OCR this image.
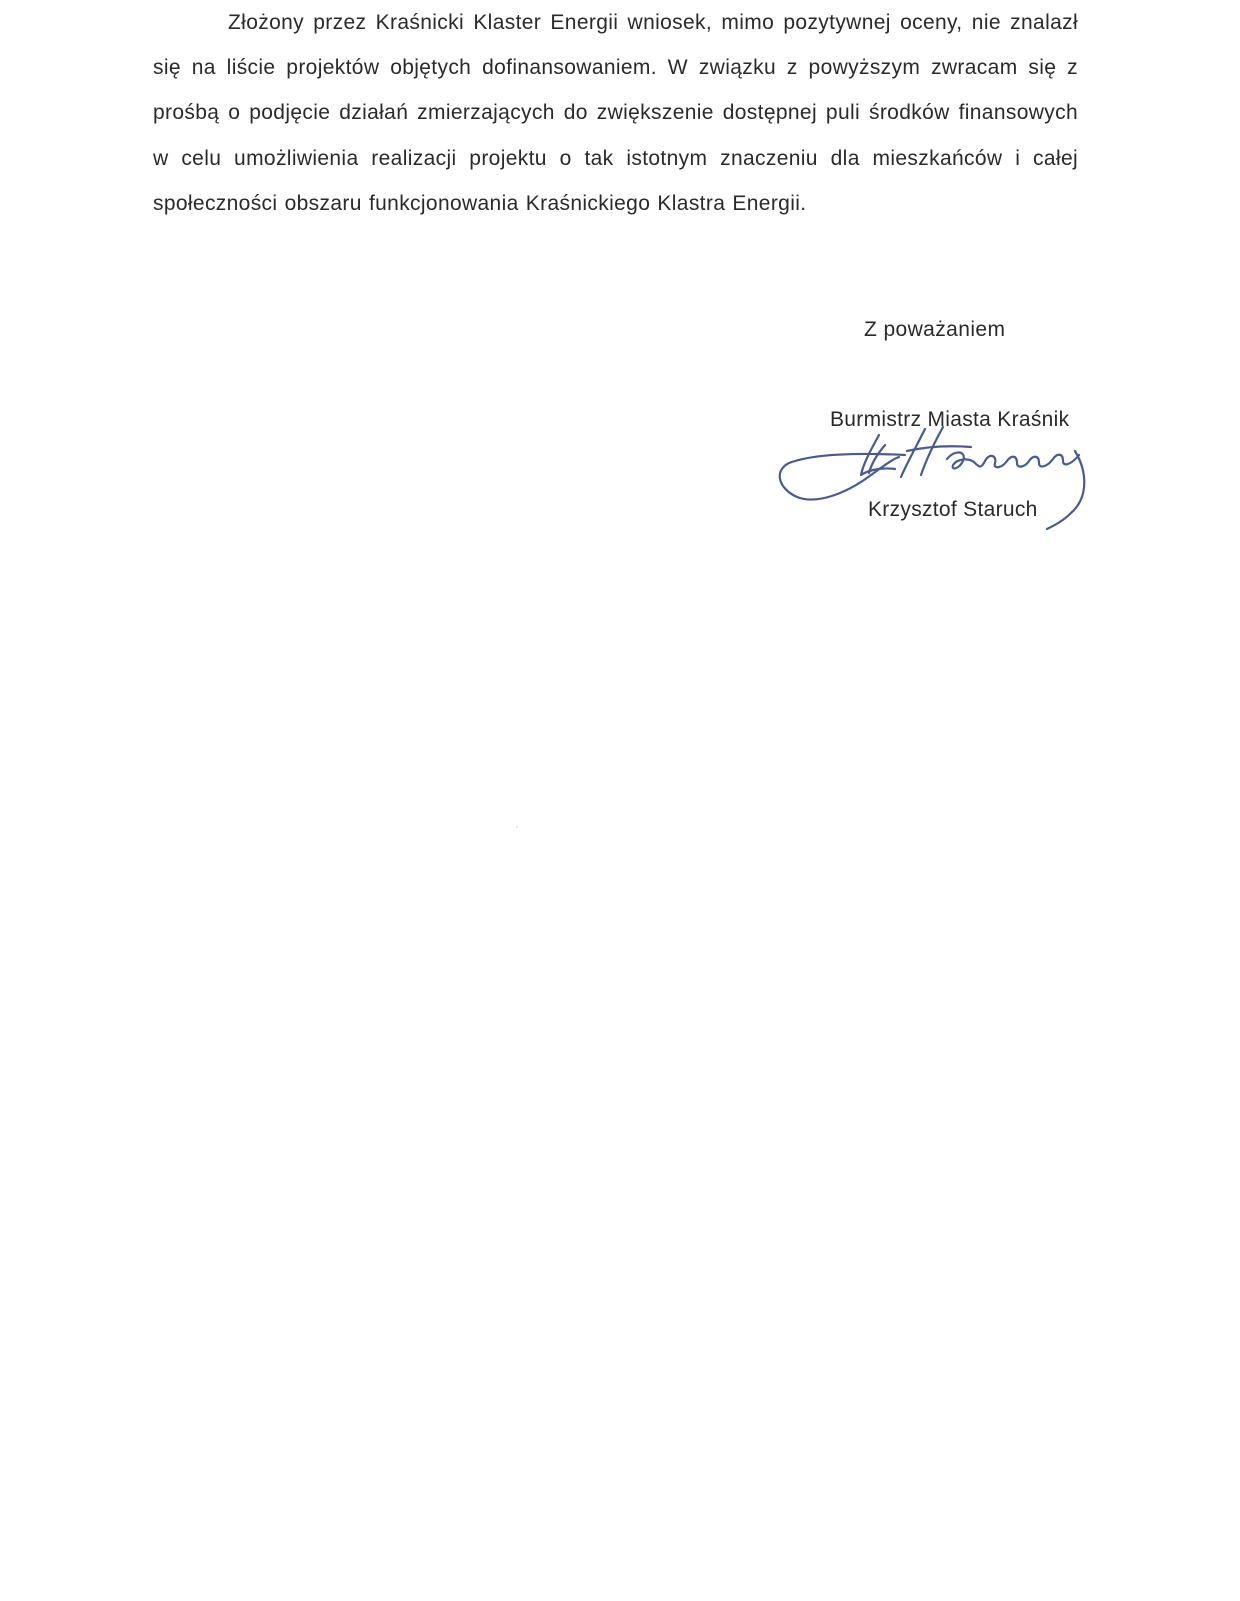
Złożony przez Kraśnicki Klaster Energii wniosek, mimo pozytywnej oceny, nie znalazł się na liście projektów objętych dofinansowaniem. W związku z powyższym zwracam się z prośbą o podjęcie działań zmierzających do zwiększenie dostępnej puli środków finansowych w celu umożliwienia realizacji projektu o tak istotnym znaczeniu dla mieszkańców i całej społeczności obszaru funkcjonowania Kraśnickiego Klastra Energii.

Z poważaniem
Burmistrz Miasta Kraśnik
Krzysztof Staruch
